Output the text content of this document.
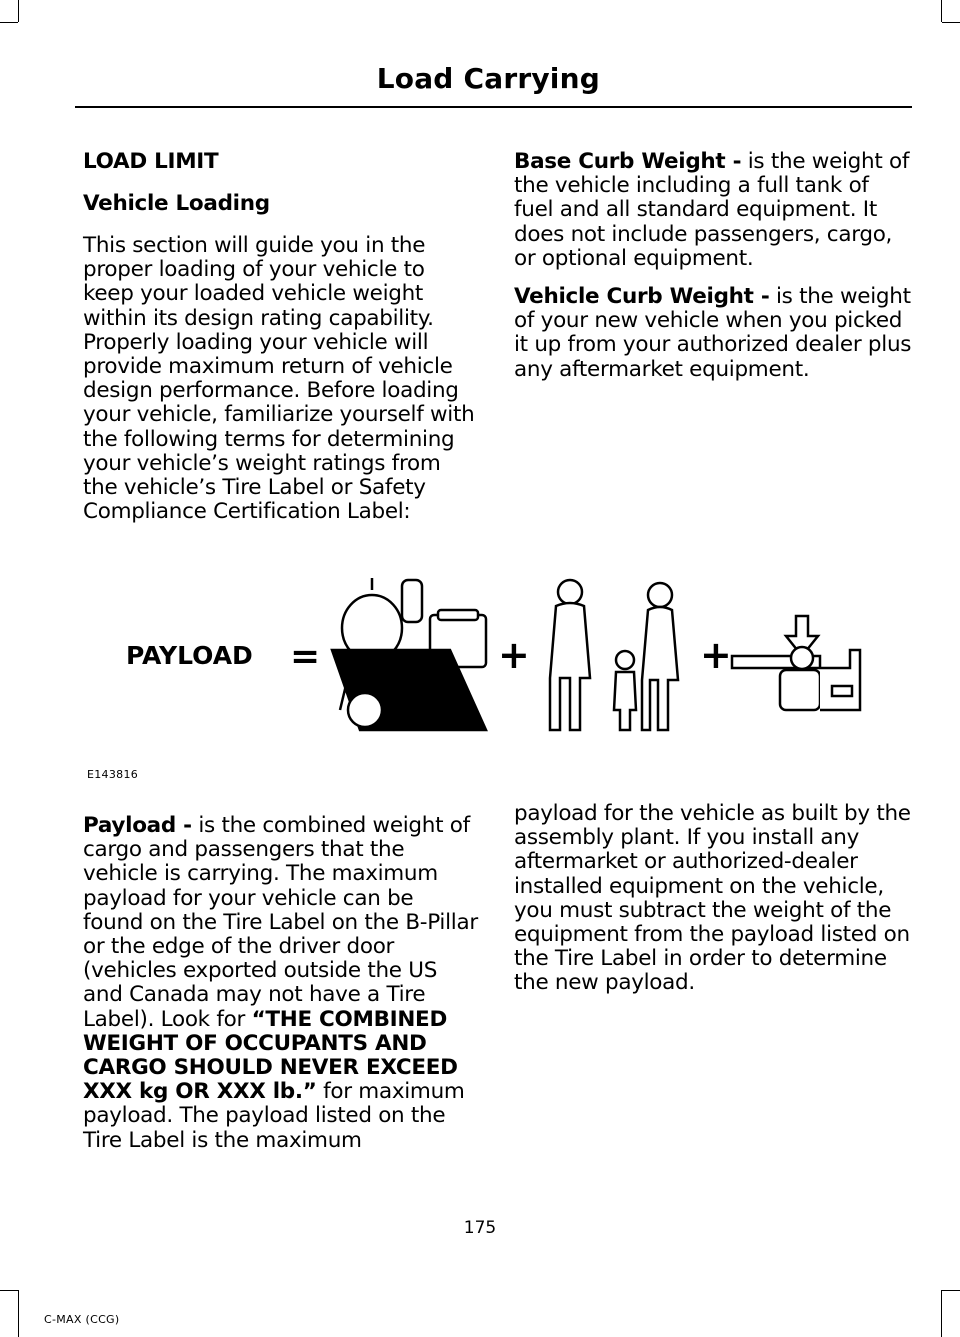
Load Carrying
LOAD LIMIT
Vehicle Loading

This section will guide you in the proper loading of your vehicle to keep your loaded vehicle weight within its design rating capability. Properly loading your vehicle will provide maximum return of vehicle design performance. Before loading your vehicle, familiarize yourself with the following terms for determining your vehicle’s weight ratings from the vehicle’s Tire Label or Safety Compliance Certification Label:

Base Curb Weight - is the weight of the vehicle including a full tank of fuel and all standard equipment. It does not include passengers, cargo, or optional equipment.

Vehicle Curb Weight - is the weight of your new vehicle when you picked it up from your authorized dealer plus any aftermarket equipment.

PAYLOAD =	+	+
E143816

Payload - is the combined weight of cargo and passengers that the vehicle is carrying. The maximum payload for your vehicle can be found on the Tire Label on the B-Pillar or the edge of the driver door (vehicles exported outside the US and Canada may not have a Tire Label). Look for “THE COMBINED WEIGHT OF OCCUPANTS AND CARGO SHOULD NEVER EXCEED XXX kg OR XXX lb.” for maximum payload. The payload listed on the Tire Label is the maximum

payload for the vehicle as built by the assembly plant. If you install any aftermarket or authorized-dealer installed equipment on the vehicle, you must subtract the weight of the equipment from the payload listed on the Tire Label in order to determine the new payload.

175
C-MAX (CCG)
